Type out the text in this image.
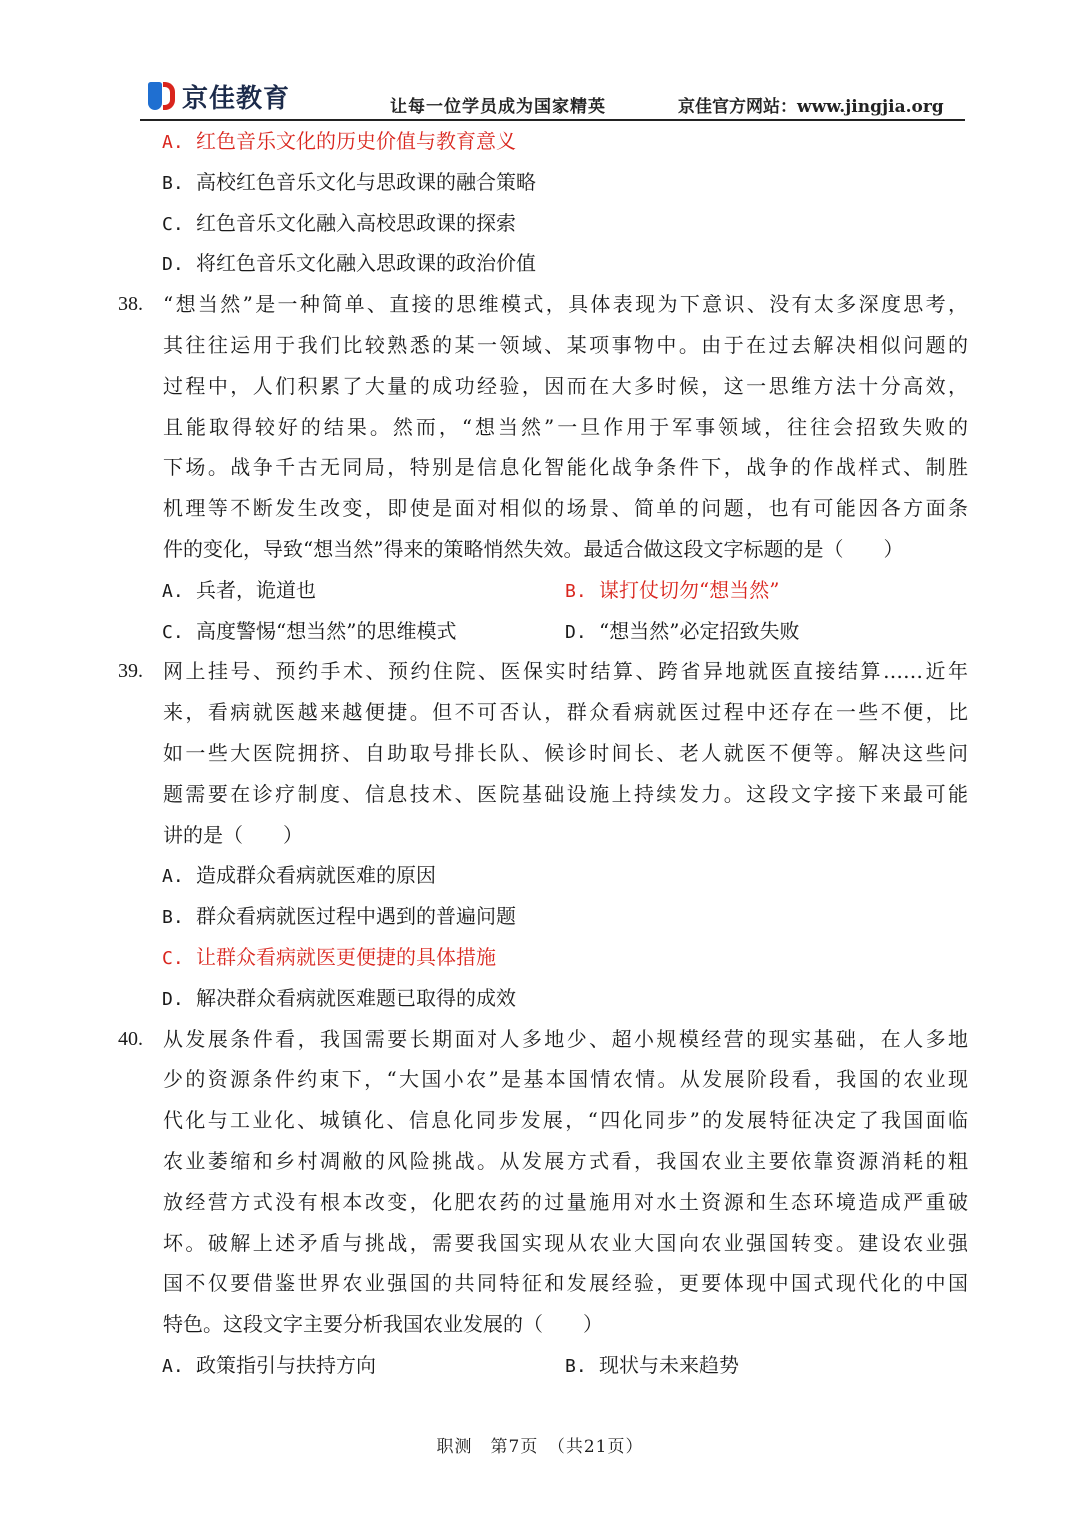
京佳教育	让每一位学员成为国家精英	京佳官方网站：www.jingjia.org
A. 红色音乐文化的历史价值与教育意义
B. 高校红色音乐文化与思政课的融合策略
C. 红色音乐文化融入高校思政课的探索
D. 将红色音乐文化融入思政课的政治价值
38. “想当然”是一种简单、直接的思维模式，具体表现为下意识、没有太多深度思考，
其往往运用于我们比较熟悉的某一领域、某项事物中。由于在过去解决相似问题的
过程中，人们积累了大量的成功经验，因而在大多时候，这一思维方法十分高效，
且能取得较好的结果。然而，“想当然”一旦作用于军事领域，往往会招致失败的
下场。战争千古无同局，特别是信息化智能化战争条件下，战争的作战样式、制胜
机理等不断发生改变，即使是面对相似的场景、简单的问题，也有可能因各方面条
件的变化，导致“想当然”得来的策略悄然失效。最适合做这段文字标题的是（　　）
A. 兵者，诡道也	B. 谋打仗切勿“想当然”
C. 高度警惕“想当然”的思维模式	D. “想当然”必定招致失败
39. 网上挂号、预约手术、预约住院、医保实时结算、跨省异地就医直接结算……近年
来，看病就医越来越便捷。但不可否认，群众看病就医过程中还存在一些不便，比
如一些大医院拥挤、自助取号排长队、候诊时间长、老人就医不便等。解决这些问
题需要在诊疗制度、信息技术、医院基础设施上持续发力。这段文字接下来最可能
讲的是（　　）
A. 造成群众看病就医难的原因
B. 群众看病就医过程中遇到的普遍问题
C. 让群众看病就医更便捷的具体措施
D. 解决群众看病就医难题已取得的成效
40. 从发展条件看，我国需要长期面对人多地少、超小规模经营的现实基础，在人多地
少的资源条件约束下，“大国小农”是基本国情农情。从发展阶段看，我国的农业现
代化与工业化、城镇化、信息化同步发展，“四化同步”的发展特征决定了我国面临
农业萎缩和乡村凋敝的风险挑战。从发展方式看，我国农业主要依靠资源消耗的粗
放经营方式没有根本改变，化肥农药的过量施用对水土资源和生态环境造成严重破
坏。破解上述矛盾与挑战，需要我国实现从农业大国向农业强国转变。建设农业强
国不仅要借鉴世界农业强国的共同特征和发展经验，更要体现中国式现代化的中国
特色。这段文字主要分析我国农业发展的（　　）
A. 政策指引与扶持方向	B. 现状与未来趋势
职测　第7页　（共21页）
